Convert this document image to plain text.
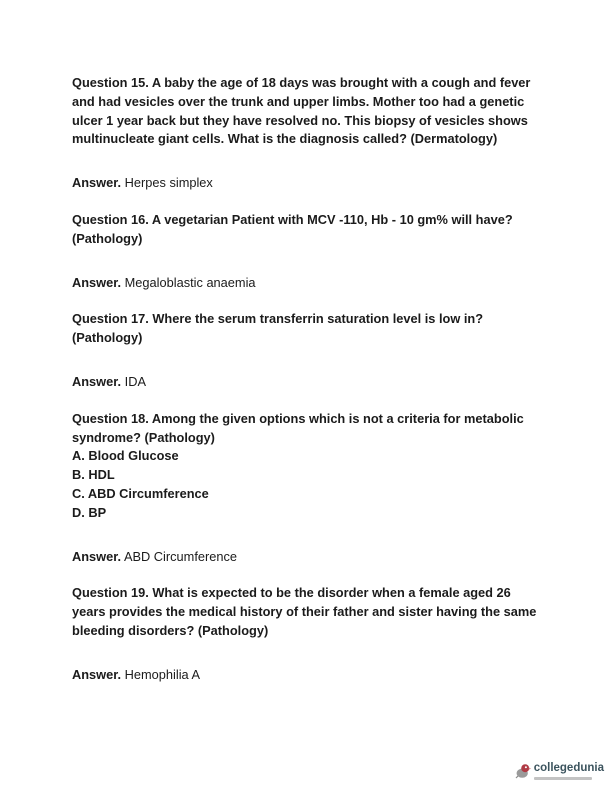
Question 15. A baby the age of 18 days was brought with a cough and fever and had vesicles over the trunk and upper limbs. Mother too had a genetic ulcer 1 year back but they have resolved no. This biopsy of vesicles shows multinucleate giant cells. What is the diagnosis called? (Dermatology)
Answer. Herpes simplex
Question 16. A vegetarian Patient with MCV -110, Hb - 10 gm% will have? (Pathology)
Answer. Megaloblastic anaemia
Question 17. Where the serum transferrin saturation level is low in?(Pathology)
Answer. IDA
Question 18. Among the given options which is not a criteria for metabolic syndrome? (Pathology)
A. Blood Glucose
B. HDL
C. ABD Circumference
D. BP
Answer. ABD Circumference
Question 19. What is expected to be the disorder when a female aged 26 years provides the medical history of their father and sister having the same bleeding disorders? (Pathology)
Answer. Hemophilia A
collegedunia
